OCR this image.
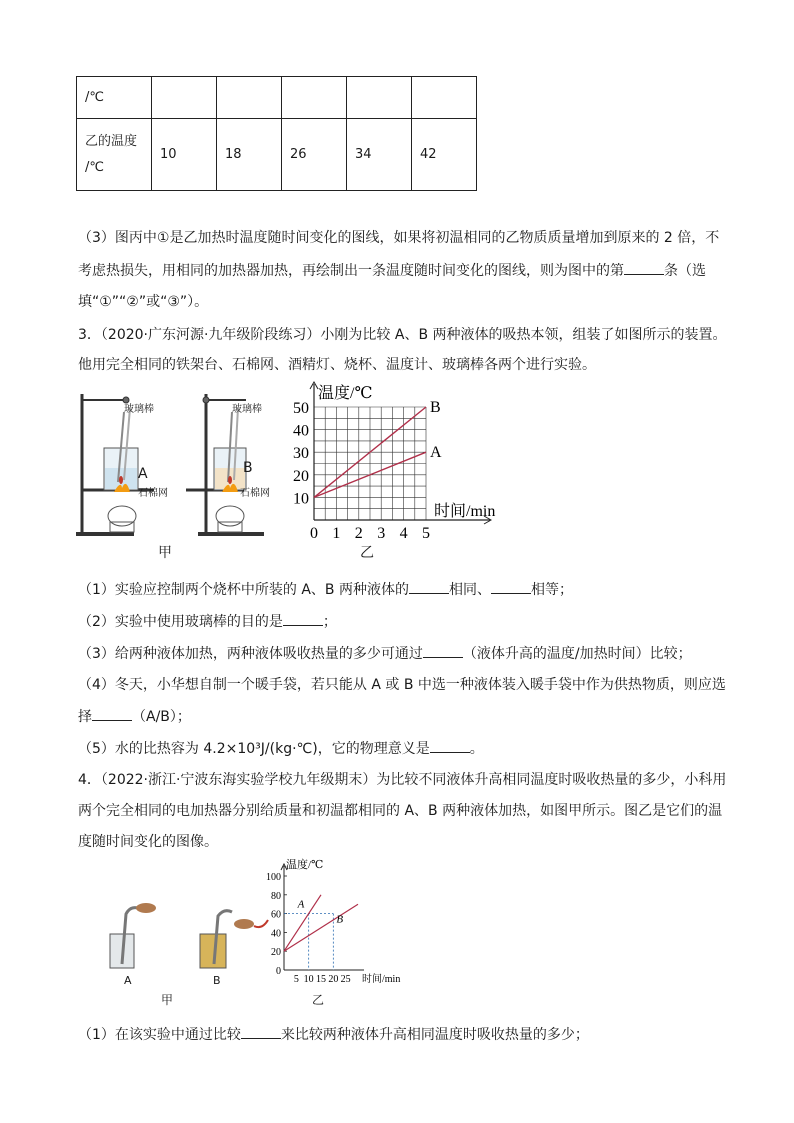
/℃					

乙的温度
/℃	10	18	26	34	42
（3）图丙中①是乙加热时温度随时间变化的图线，如果将初温相同的乙物质质量增加到原来的 2 倍，不
考虑热损失，用相同的加热器加热，再绘制出一条温度随时间变化的图线，则为图中的第	条（选
填“①”“②”或“③”）。
3．（2020·广东河源·九年级阶段练习）小刚为比较 A、B 两种液体的吸热本领，组装了如图所示的装置。
他用完全相同的铁架台、石棉网、酒精灯、烧杯、温度计、玻璃棒各两个进行实验。
玻璃棒	玻璃棒
A	B
石棉网	石棉网
甲	乙
0 1 2 3 4 5
10
20
30
40
50	B
A
温度/℃
时间/min
（1）实验应控制两个烧杯中所装的 A、B 两种液体的	相同、	相等；
（2）实验中使用玻璃棒的目的是	；
（3）给两种液体加热，两种液体吸收热量的多少可通过	（液体升高的温度/加热时间）比较；
（4）冬天，小华想自制一个暖手袋，若只能从 A 或 B 中选一种液体装入暖手袋中作为供热物质，则应选
择	（A/B）；
（5）水的比热容为 4.2×10³J/(kg·℃)，它的物理意义是	。
4．（2022·浙江·宁波东海实验学校九年级期末）为比较不同液体升高相同温度时吸收热量的多少，小科用
两个完全相同的电加热器分别给质量和初温都相同的 A、B 两种液体加热，如图甲所示。图乙是它们的温
度随时间变化的图像。
A	B
甲	乙
5 10 15 20 25
0
20
40
60
80
100
A
B
温度/℃
时间/min
（1）在该实验中通过比较	来比较两种液体升高相同温度时吸收热量的多少；
